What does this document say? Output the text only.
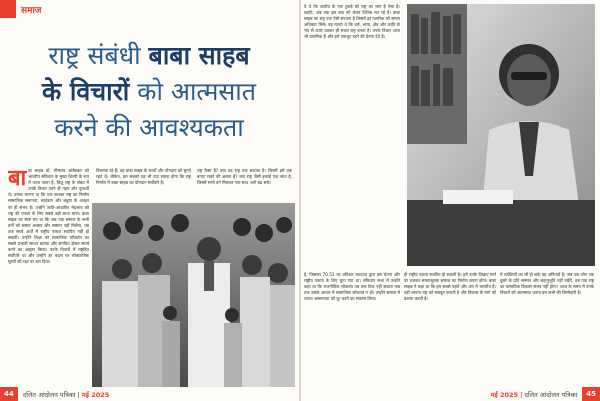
समाज
राष्ट्र संबंधी बाबा साहब
के विचारों को आत्मसात
करने की आवश्यकता
बा बा साहब डॉ. भीमराव आंबेडकर को भारतीय संविधान के मुख्य शिल्पी के रूप में जाना जाता है, किंतु राष्ट्र के संबंध में उनके विचार उतने ही गहन और दूरदर्शी थे। उनका मानना था कि एक सशक्त राष्ट्र का निर्माण सामाजिक समानता, स्वतंत्रता और बंधुत्व के आधार पर ही संभव है। उन्होंने जाति-आधारित भेदभाव को राष्ट्र की एकता के लिए सबसे बड़ी बाधा माना। बाबा साहब का स्पष्ट मत था कि जब तक समाज के सभी वर्गों को समान अवसर और सम्मान नहीं मिलेगा, तब तक सच्चे अर्थों में राष्ट्रीय एकता स्थापित नहीं हो सकती। उन्होंने शिक्षा को सामाजिक परिवर्तन का सबसे प्रभावी साधन बताया और संगठित होकर संघर्ष करने का आह्वान किया। उनके विचारों में राष्ट्रहित सर्वोपरि था और उन्होंने हर कदम पर लोकतांत्रिक मूल्यों की रक्षा पर बल दिया।
विचारक रहे हैं। वह बाबा साहब के कार्यों और योगदान को सुनते रहते थे। लेकिन, हम सबको यह भी याद रखना होगा कि राष्ट्र निर्माण में बाबा साहब का योगदान सर्वोपरि है।
राष्ट्र कैसा है? क्या वह राष्ट्र एक सशक्त है। जिसमें हमें एक बनाए रखने की क्षमता है? क्या राष्ट्र जैसी इकाई एक साथ है, जिसमें सभी वर्ग मिलकर एक साथ आगे बढ़ सकें।
ये थे कि जातीय के एक टुकड़े को राष्ट्र का भाग है ऐसा है। यद्यपि, अब तक इस बात को लेकर विभिन्न मत रहे हैं। बाबा साहब का राष्ट्र एक ऐसी संरचना है जिसमें हर नागरिक को समान अधिकार मिले। वह मानते थे कि धर्म, भाषा, क्षेत्र और जाति के भेद से ऊपर उठकर ही सच्चा राष्ट्र बनता है। उनके विचार आज भी प्रासंगिक हैं और हमें एकजुट रहने की प्रेरणा देते हैं।
है, जिसका 70.53 का प्रतिशत मतदाता द्वारा इस चेतना और राष्ट्रीय एकता के लिए चुना गया था। संविधान सभा में उन्होंने कहा था कि राजनीतिक लोकतंत्र तब तक टिक नहीं सकता जब तक उसके आधार में सामाजिक लोकतंत्र न हो। उन्होंने समाज में व्याप्त असमानता को दूर करने का संकल्प लिया।
ही राष्ट्रीय एकता स्थापित हो सकती है। हमें उनके दिखाए मार्ग पर चलकर समतामूलक समाज का निर्माण करना होगा। बाबा साहब ने कहा था कि हम सबसे पहले और अंत में भारतीय हैं। यही भावना राष्ट्र को मजबूत बनाती है और विकास के मार्ग को प्रशस्त करती है।
में व्यक्तियों का भी हो सके यह अनिवार्य है। जब तक लोग एक दूसरे के प्रति सम्मान और सहानुभूति नहीं रखेंगे, तब तक राष्ट्र का वास्तविक विकास संभव नहीं होगा। आज के समय में उनके विचारों को आत्मसात करना हम सभी की जिम्मेदारी है।
44	दलित आंदोलन पत्रिका | मई 2025	मई 2025 | दलित आंदोलन पत्रिका	45
